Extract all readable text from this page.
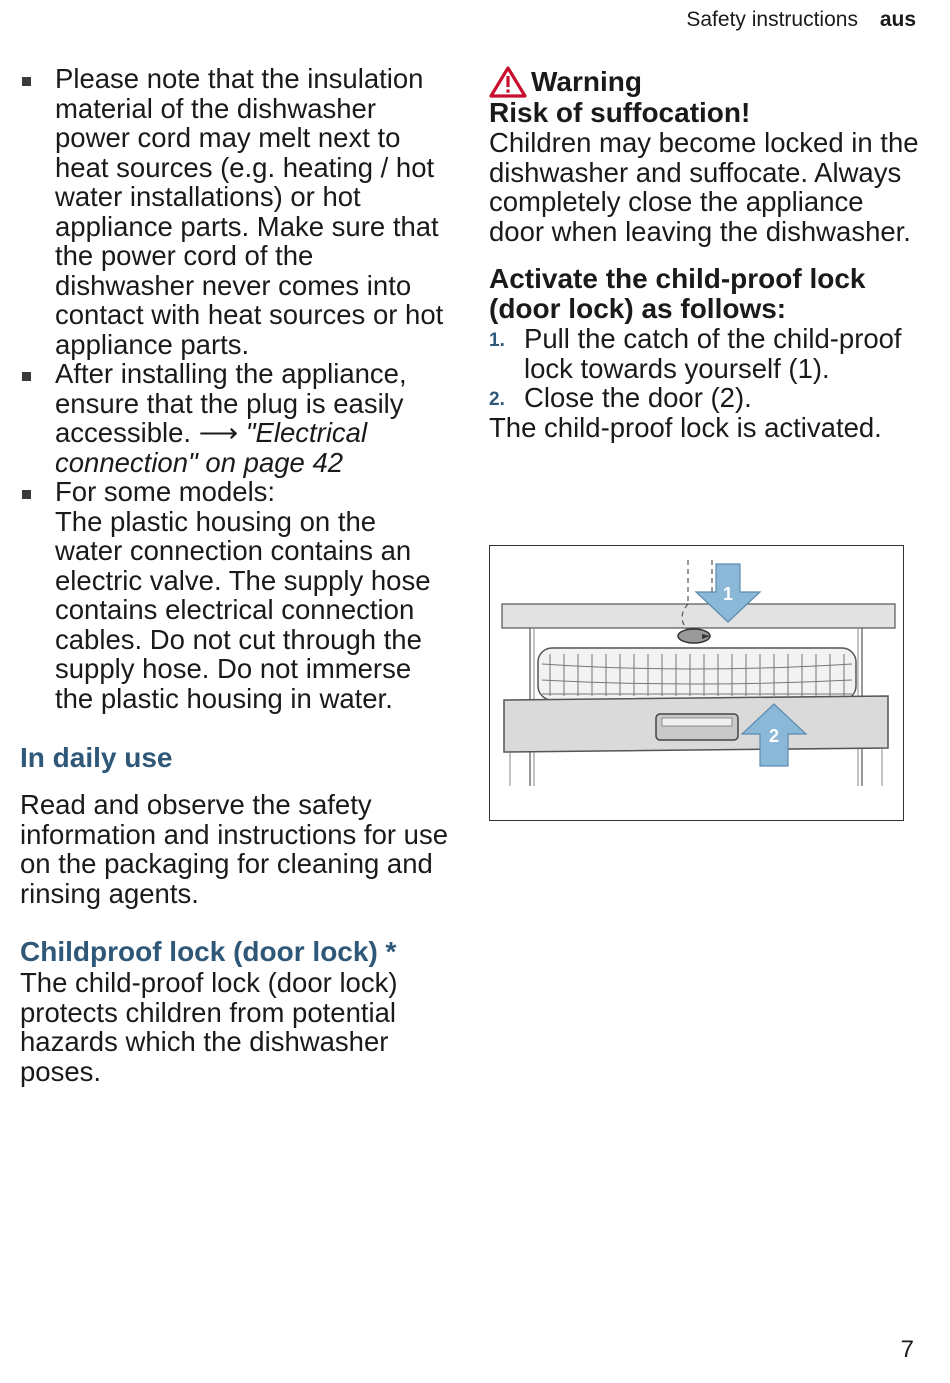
Safety instructions aus
Please note that the insulation material of the dishwasher power cord may melt next to heat sources (e.g. heating / hot water installations) or hot appliance parts. Make sure that the power cord of the dishwasher never comes into contact with heat sources or hot appliance parts.
After installing the appliance, ensure that the plug is easily accessible. ⟶ "Electrical connection" on page 42
For some models:
The plastic housing on the water connection contains an electric valve. The supply hose contains electrical connection cables. Do not cut through the supply hose. Do not immerse the plastic housing in water.
In daily use

Read and observe the safety information and instructions for use on the packaging for cleaning and rinsing agents.

Childproof lock (door lock) *

The child-proof lock (door lock) protects children from potential hazards which the dishwasher poses.

Warning
Risk of suffocation!

Children may become locked in the dishwasher and suffocate. Always completely close the appliance door when leaving the dishwasher.

Activate the child-proof lock (door lock) as follows:
1. Pull the catch of the child-proof lock towards yourself (1).
2. Close the door (2).

The child-proof lock is activated.

1
2
7
